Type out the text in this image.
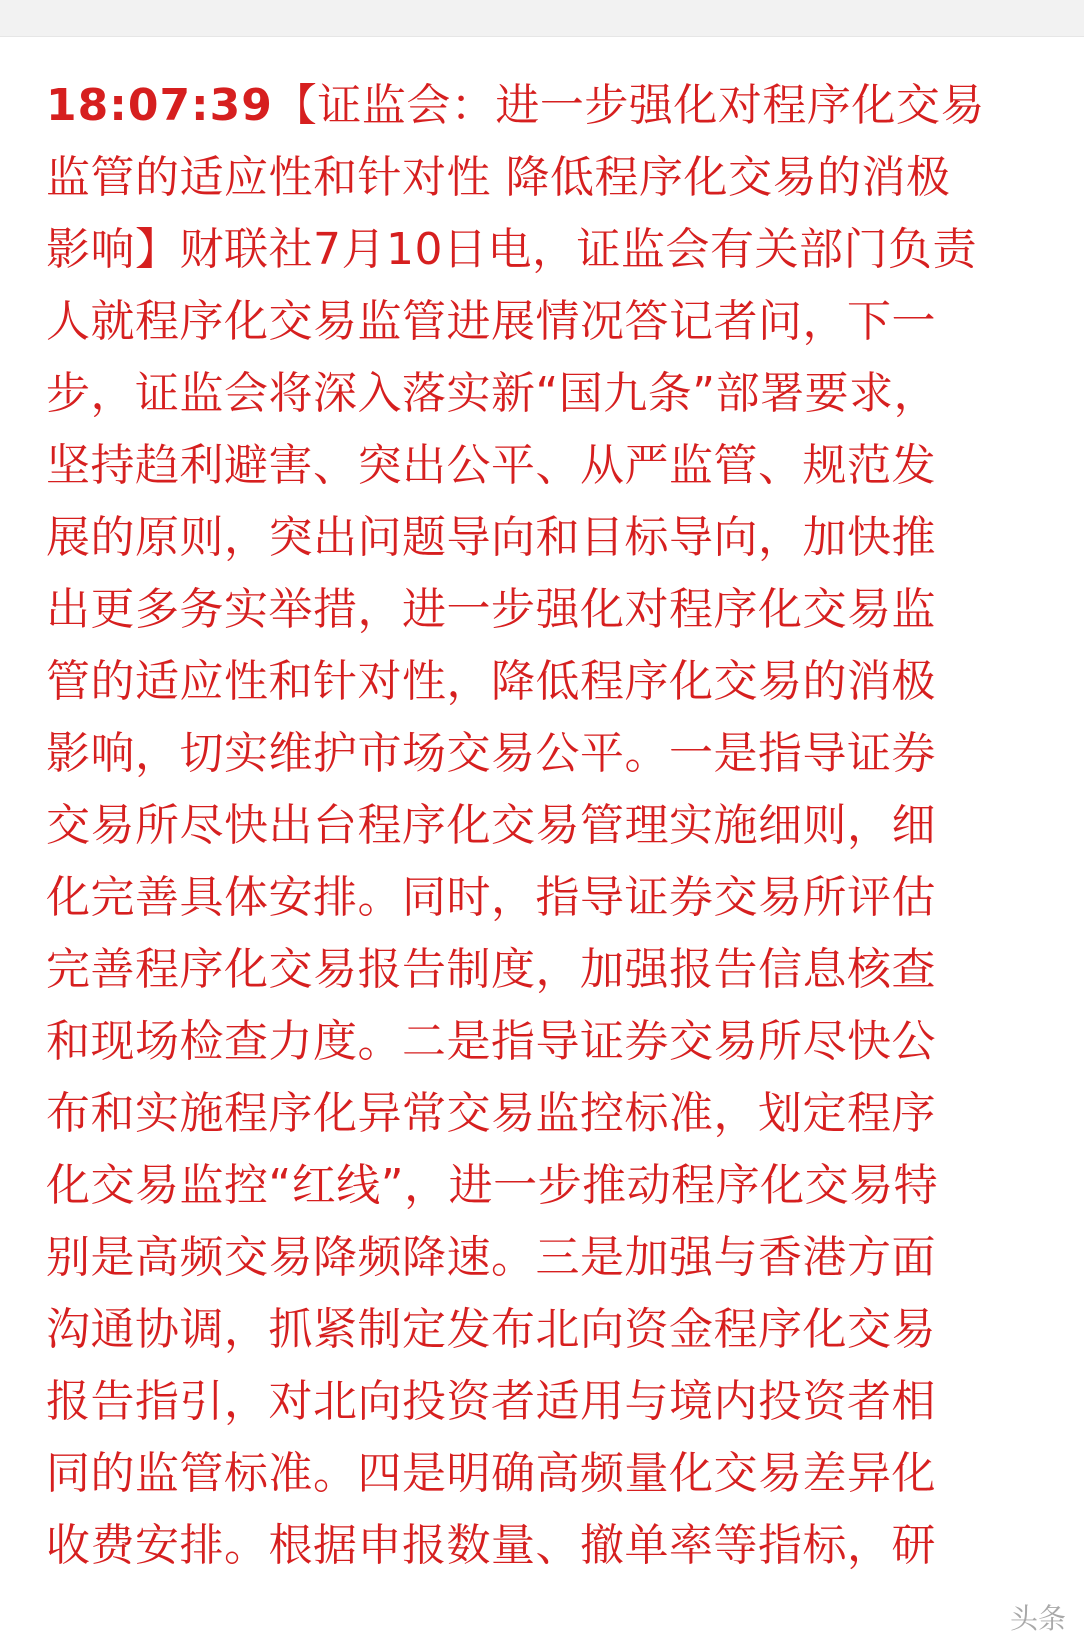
18:07:39【证监会：进一步强化对程序化交易
监管的适应性和针对性 降低程序化交易的消极
影响】财联社7月10日电，证监会有关部门负责
人就程序化交易监管进展情况答记者问，下一
步，证监会将深入落实新“国九条”部署要求，
坚持趋利避害、突出公平、从严监管、规范发
展的原则，突出问题导向和目标导向，加快推
出更多务实举措，进一步强化对程序化交易监
管的适应性和针对性，降低程序化交易的消极
影响，切实维护市场交易公平。一是指导证券
交易所尽快出台程序化交易管理实施细则，细
化完善具体安排。同时，指导证券交易所评估
完善程序化交易报告制度，加强报告信息核查
和现场检查力度。二是指导证券交易所尽快公
布和实施程序化异常交易监控标准，划定程序
化交易监控“红线”，进一步推动程序化交易特
别是高频交易降频降速。三是加强与香港方面
沟通协调，抓紧制定发布北向资金程序化交易
报告指引，对北向投资者适用与境内投资者相
同的监管标准。四是明确高频量化交易差异化
收费安排。根据申报数量、撤单率等指标，研
头条
